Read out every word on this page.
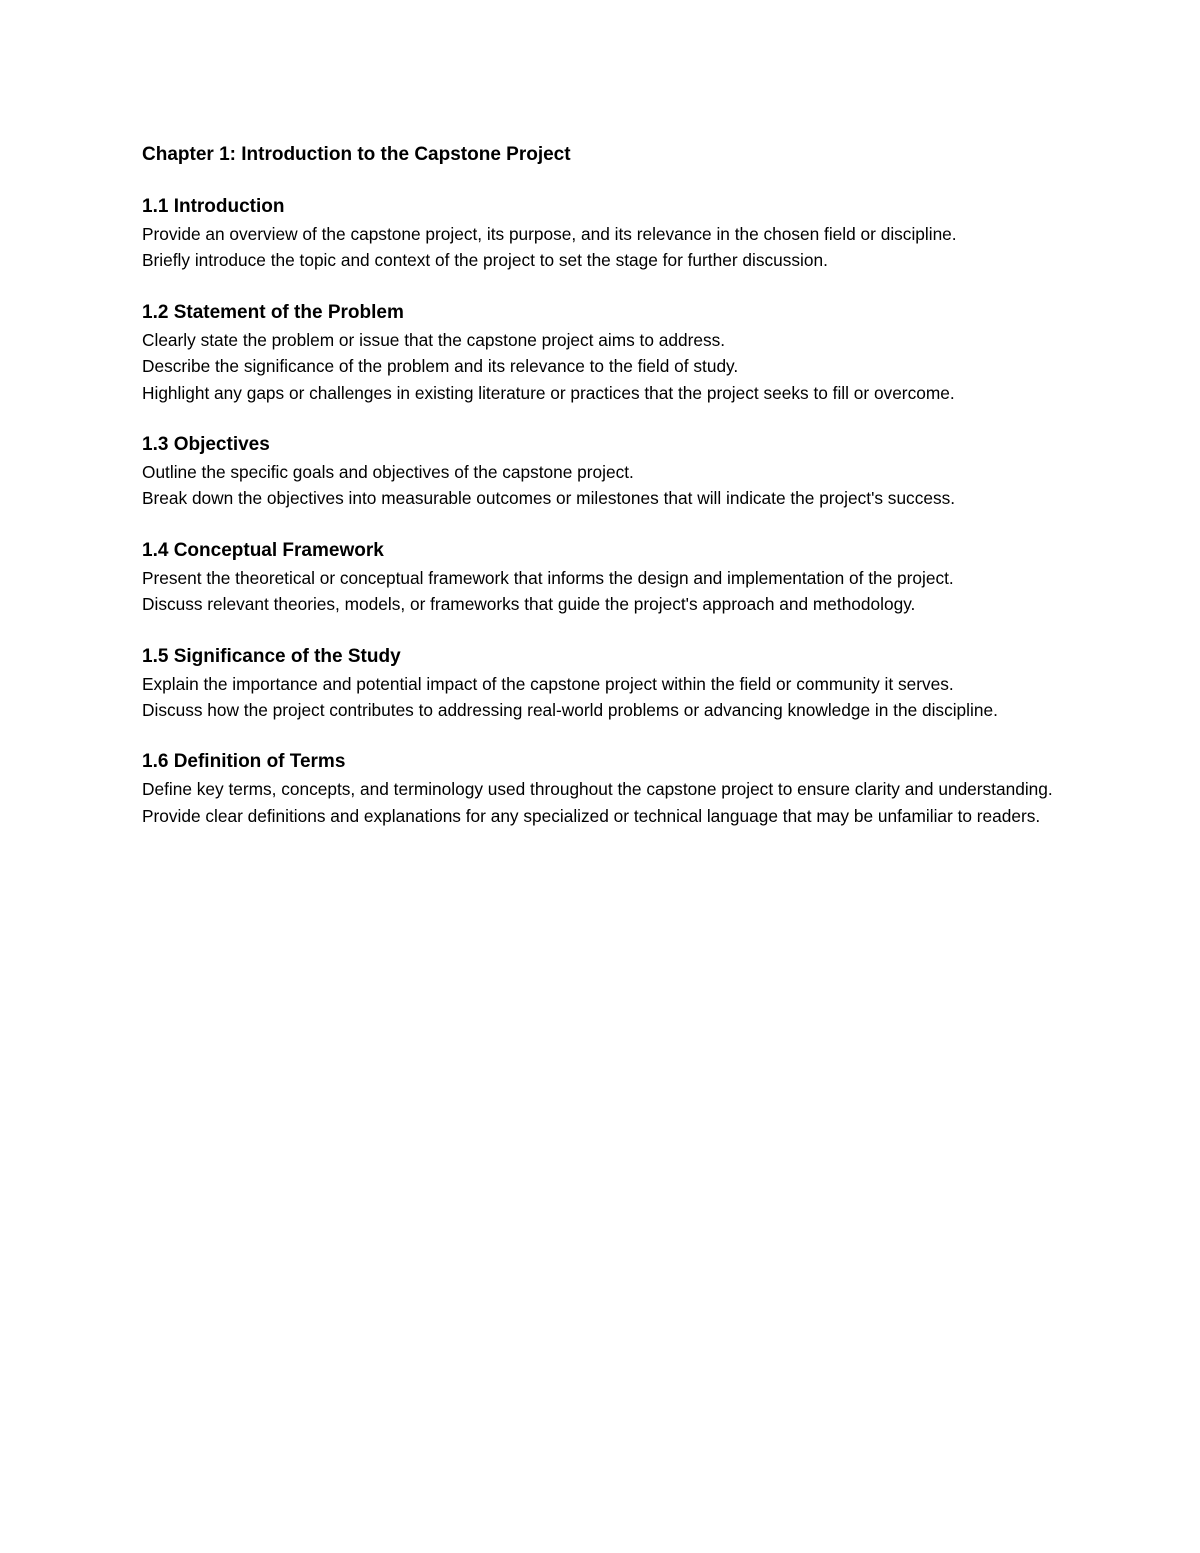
Chapter 1: Introduction to the Capstone Project
1.1 Introduction
Provide an overview of the capstone project, its purpose, and its relevance in the chosen field or discipline.
Briefly introduce the topic and context of the project to set the stage for further discussion.
1.2 Statement of the Problem
Clearly state the problem or issue that the capstone project aims to address.
Describe the significance of the problem and its relevance to the field of study.
Highlight any gaps or challenges in existing literature or practices that the project seeks to fill or overcome.
1.3 Objectives
Outline the specific goals and objectives of the capstone project.
Break down the objectives into measurable outcomes or milestones that will indicate the project's success.
1.4 Conceptual Framework
Present the theoretical or conceptual framework that informs the design and implementation of the project.
Discuss relevant theories, models, or frameworks that guide the project's approach and methodology.
1.5 Significance of the Study
Explain the importance and potential impact of the capstone project within the field or community it serves.
Discuss how the project contributes to addressing real-world problems or advancing knowledge in the discipline.
1.6 Definition of Terms
Define key terms, concepts, and terminology used throughout the capstone project to ensure clarity and understanding.
Provide clear definitions and explanations for any specialized or technical language that may be unfamiliar to readers.
